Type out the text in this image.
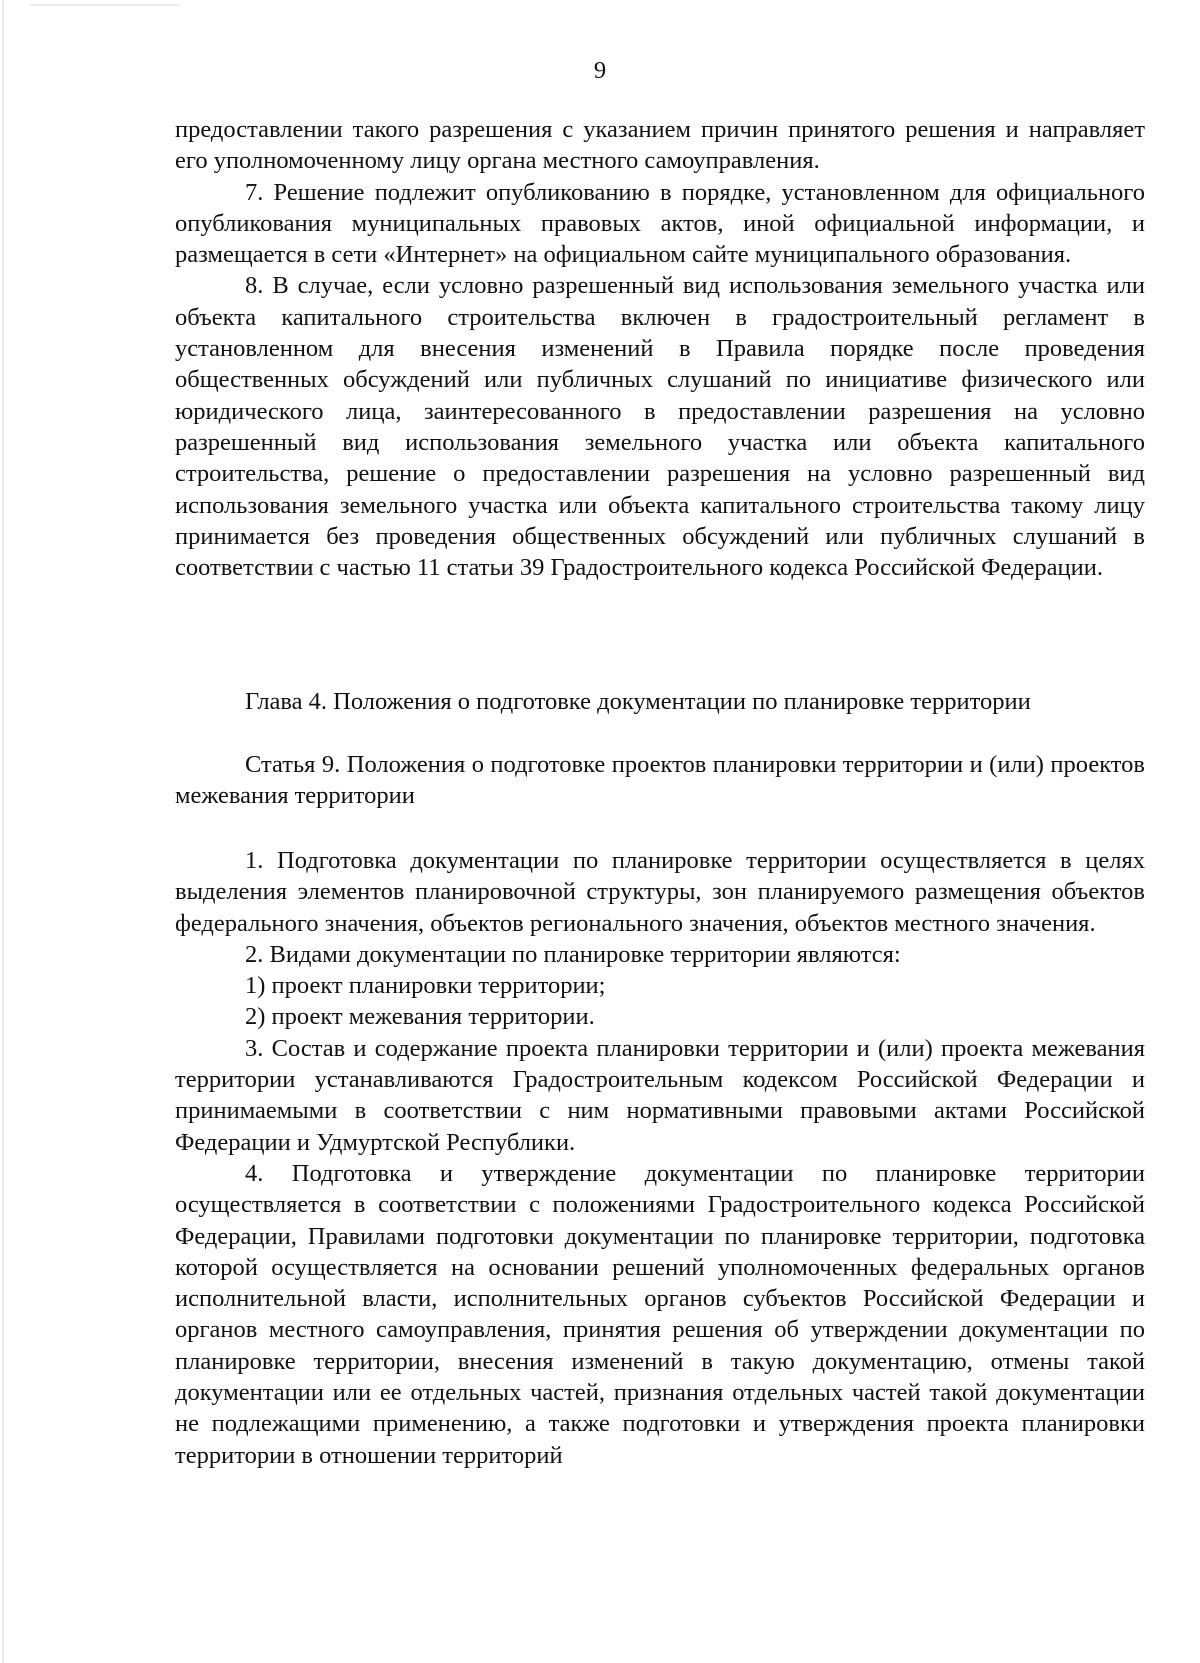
9

предоставлении такого разрешения с указанием причин принятого решения и направляет его уполномоченному лицу органа местного самоуправления.

7. Решение подлежит опубликованию в порядке, установленном для официального опубликования муниципальных правовых актов, иной официальной информации, и размещается в сети «Интернет» на официальном сайте муниципального образования.

8. В случае, если условно разрешенный вид использования земельного участка или объекта капитального строительства включен в градостроительный регламент в установленном для внесения изменений в Правила порядке после проведения общественных обсуждений или публичных слушаний по инициативе физического или юридического лица, заинтересованного в предоставлении разрешения на условно разрешенный вид использования земельного участка или объекта капитального строительства, решение о предоставлении разрешения на условно разрешенный вид использования земельного участка или объекта капитального строительства такому лицу принимается без проведения общественных обсуждений или публичных слушаний в соответствии с частью 11 статьи 39 Градостроительного кодекса Российской Федерации.

Глава 4. Положения о подготовке документации по планировке территории

Статья 9. Положения о подготовке проектов планировки территории и (или) проектов межевания территории

1. Подготовка документации по планировке территории осуществляется в целях выделения элементов планировочной структуры, зон планируемого размещения объектов федерального значения, объектов регионального значения, объектов местного значения.

2. Видами документации по планировке территории являются:

1) проект планировки территории;

2) проект межевания территории.

3. Состав и содержание проекта планировки территории и (или) проекта межевания территории устанавливаются Градостроительным кодексом Российской Федерации и принимаемыми в соответствии с ним нормативными правовыми актами Российской Федерации и Удмуртской Республики.

4. Подготовка и утверждение документации по планировке территории осуществляется в соответствии с положениями Градостроительного кодекса Российской Федерации, Правилами подготовки документации по планировке территории, подготовка которой осуществляется на основании решений уполномоченных федеральных органов исполнительной власти, исполнительных органов субъектов Российской Федерации и органов местного самоуправления, принятия решения об утверждении документации по планировке территории, внесения изменений в такую документацию, отмены такой документации или ее отдельных частей, признания отдельных частей такой документации не подлежащими применению, а также подготовки и утверждения проекта планировки территории в отношении территорий
